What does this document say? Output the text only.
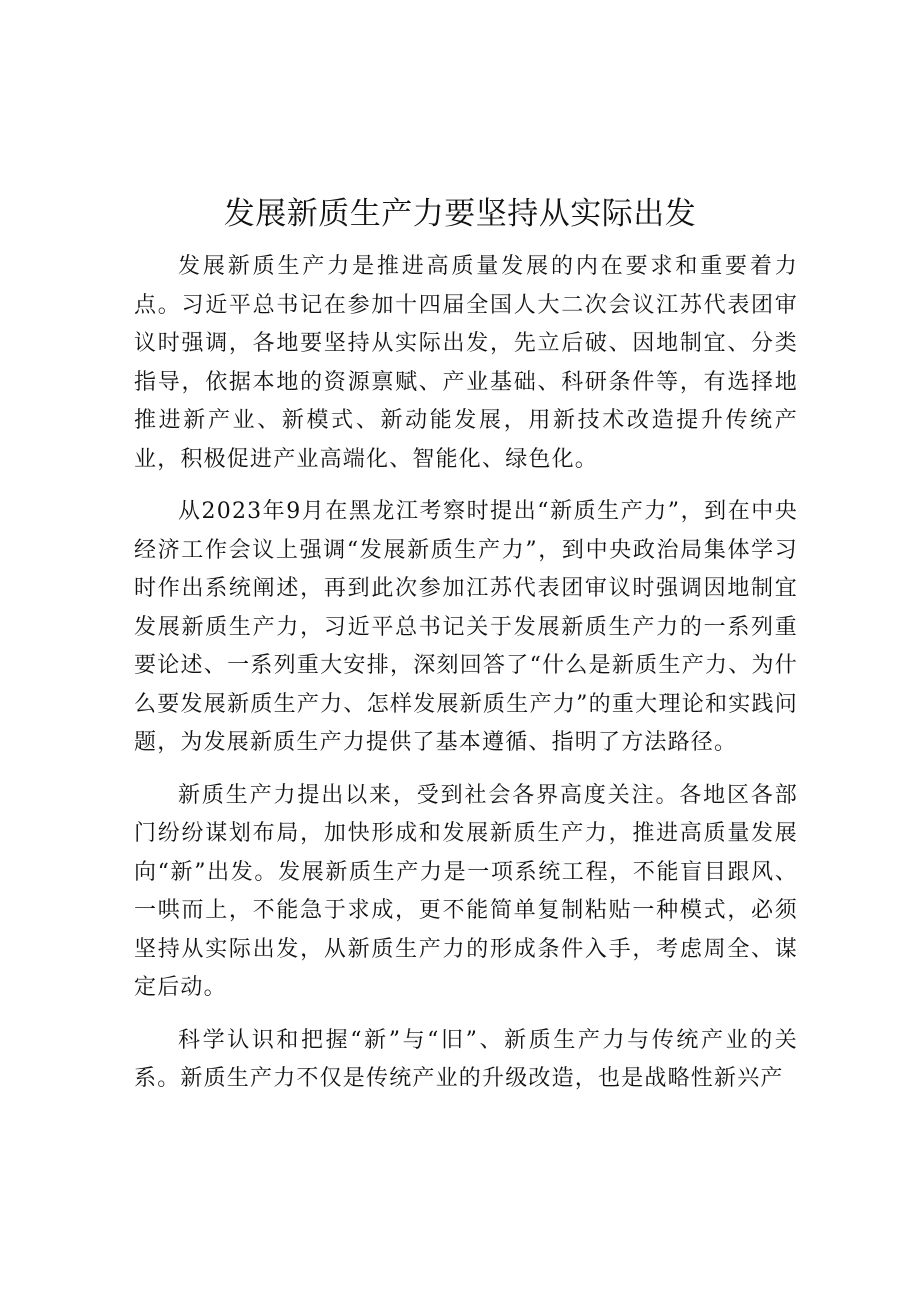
发展新质生产力要坚持从实际出发

发展新质生产力是推进高质量发展的内在要求和重要着力点。习近平总书记在参加十四届全国人大二次会议江苏代表团审议时强调，各地要坚持从实际出发，先立后破、因地制宜、分类指导，依据本地的资源禀赋、产业基础、科研条件等，有选择地推进新产业、新模式、新动能发展，用新技术改造提升传统产业，积极促进产业高端化、智能化、绿色化。

从2023年9月在黑龙江考察时提出“新质生产力”，到在中央经济工作会议上强调“发展新质生产力”，到中央政治局集体学习时作出系统阐述，再到此次参加江苏代表团审议时强调因地制宜发展新质生产力，习近平总书记关于发展新质生产力的一系列重要论述、一系列重大安排，深刻回答了“什么是新质生产力、为什么要发展新质生产力、怎样发展新质生产力”的重大理论和实践问题，为发展新质生产力提供了基本遵循、指明了方法路径。

新质生产力提出以来，受到社会各界高度关注。各地区各部门纷纷谋划布局，加快形成和发展新质生产力，推进高质量发展向“新”出发。发展新质生产力是一项系统工程，不能盲目跟风、一哄而上，不能急于求成，更不能简单复制粘贴一种模式，必须坚持从实际出发，从新质生产力的形成条件入手，考虑周全、谋定后动。

科学认识和把握“新”与“旧”、新质生产力与传统产业的关系。新质生产力不仅是传统产业的升级改造，也是战略性新兴产
